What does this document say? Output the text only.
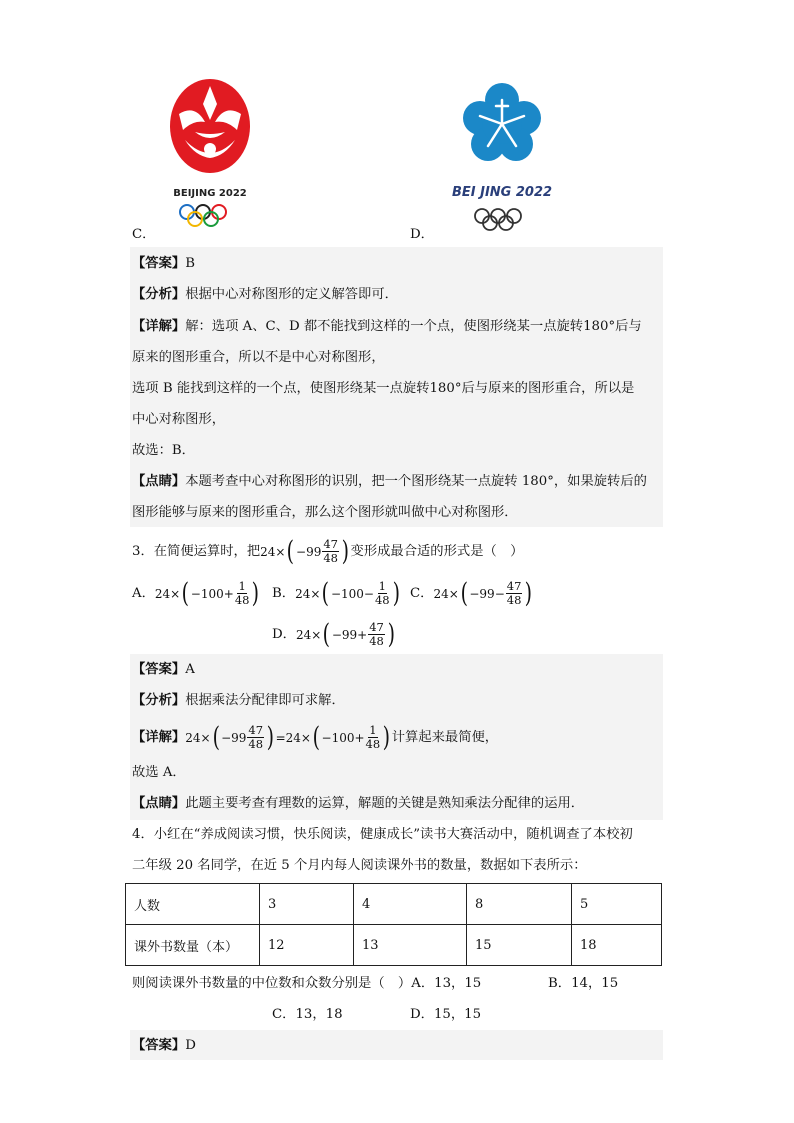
BEIJING 2022
C．
BEI JING 2022
D．
【答案】B
【分析】根据中心对称图形的定义解答即可．
【详解】解：选项 A、C、D 都不能找到这样的一个点，使图形绕某一点旋转180°后与
原来的图形重合，所以不是中心对称图形，
选项 B 能找到这样的一个点，使图形绕某一点旋转180°后与原来的图形重合，所以是
中心对称图形，
故选：B．
【点睛】本题考查中心对称图形的识别，把一个图形绕某一点旋转 180°，如果旋转后的
图形能够与原来的图形重合，那么这个图形就叫做中心对称图形．
3．在简便运算时，把 24× ( $-99 \frac{47}{48}$ ) 变形成最合适的形式是（　）
A． 24× ( $-100 + \frac{1}{48}$ ) B． 24× ( $-100 - \frac{1}{48}$ ) C． 24× ( $-99 - \frac{47}{48}$ )
D． 24× ( $-99 + \frac{47}{48}$ )
【答案】A
【分析】根据乘法分配律即可求解．
【详解】 24× ( $-99 \frac{47}{48}$ ) =24× ( $-100 + \frac{1}{48}$ ) 计算起来最简便，
故选 A．
【点睛】此题主要考查有理数的运算，解题的关键是熟知乘法分配律的运用．
4．小红在“养成阅读习惯，快乐阅读，健康成长”读书大赛活动中，随机调查了本校初
二年级 20 名同学，在近 5 个月内每人阅读课外书的数量，数据如下表所示：
人数	3	4	8	5
课外书数量（本）	12	13	15	18
则阅读课外书数量的中位数和众数分别是（　）A．13，15	B．14，15
C．13，18	D．15，15
【答案】D
